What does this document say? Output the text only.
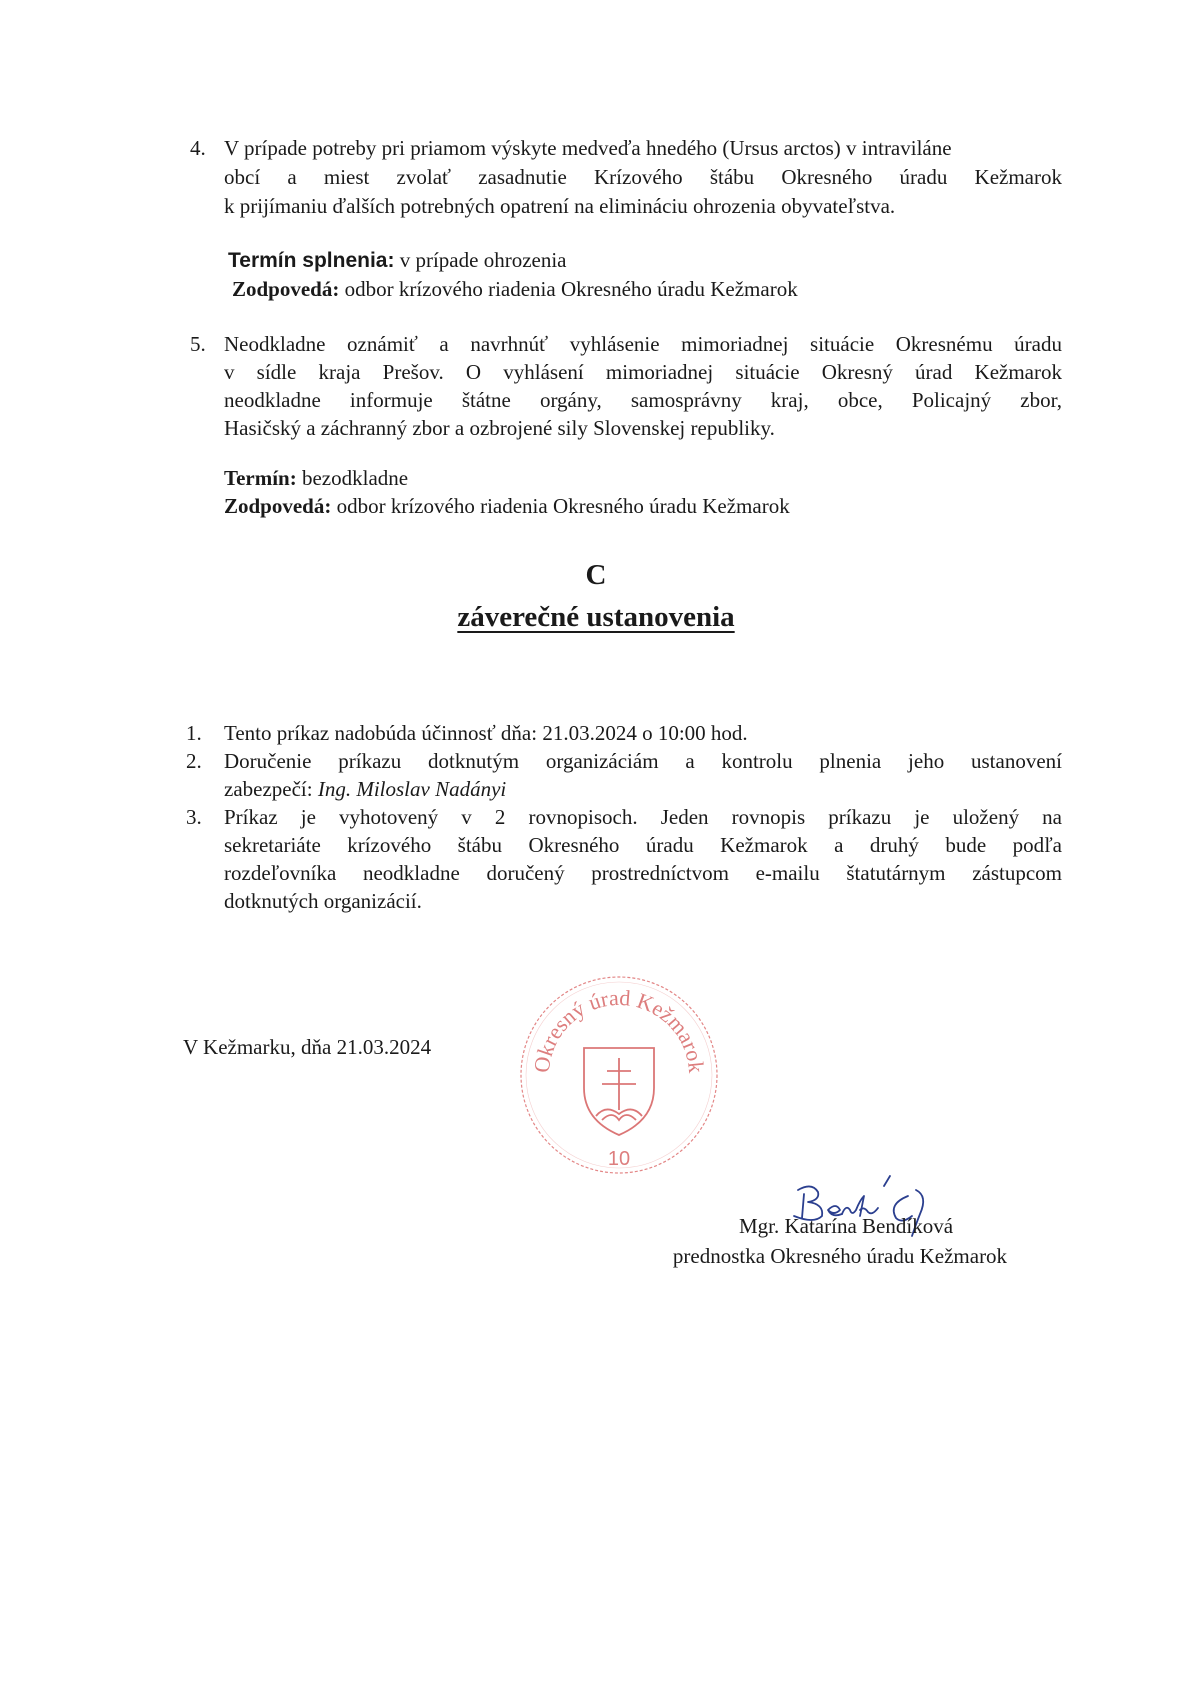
4. V prípade potreby pri priamom výskyte medveďa hnedého (Ursus arctos) v intraviláne
obcí a miest zvolať zasadnutie Krízového štábu Okresného úradu Kežmarok
k prijímaniu ďalších potrebných opatrení na elimináciu ohrozenia obyvateľstva.
Termín splnenia: v prípade ohrozenia
Zodpovedá: odbor krízového riadenia Okresného úradu Kežmarok
5. Neodkladne oznámiť a navrhnúť vyhlásenie mimoriadnej situácie Okresnému úradu
v sídle kraja Prešov. O vyhlásení mimoriadnej situácie Okresný úrad Kežmarok
neodkladne informuje štátne orgány, samosprávny kraj, obce, Policajný zbor,
Hasičský a záchranný zbor a ozbrojené sily Slovenskej republiky.
Termín: bezodkladne
Zodpovedá: odbor krízového riadenia Okresného úradu Kežmarok
C
záverečné ustanovenia
1.	Tento príkaz nadobúda účinnosť dňa: 21.03.2024 o 10:00 hod.
2.	Doručenie príkazu dotknutým organizáciám a kontrolu plnenia jeho ustanovení
zabezpečí: Ing. Miloslav Nadányi
3.	Príkaz je vyhotovený v 2 rovnopisoch. Jeden rovnopis príkazu je uložený na
sekretariáte krízového štábu Okresného úradu Kežmarok a druhý bude podľa
rozdeľovníka neodkladne doručený prostredníctvom e-mailu štatutárnym zástupcom
dotknutých organizácií.
V Kežmarku, dňa 21.03.2024
Okresný úrad Kežmarok
10
Mgr. Katarína Bendíková
prednostka Okresného úradu Kežmarok
